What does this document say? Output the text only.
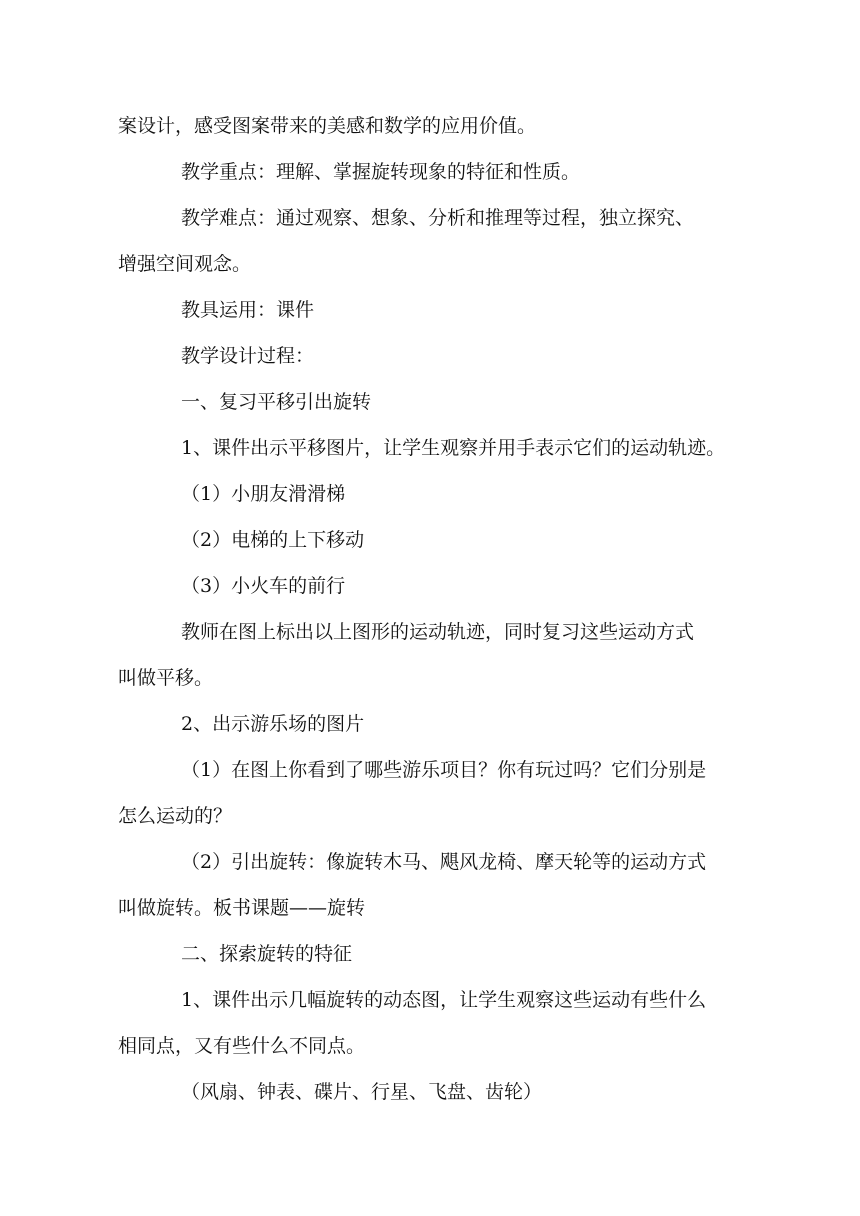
案设计，感受图案带来的美感和数学的应用价值。
教学重点：理解、掌握旋转现象的特征和性质。
教学难点：通过观察、想象、分析和推理等过程，独立探究、
增强空间观念。
教具运用：课件
教学设计过程：
一、复习平移引出旋转
1、课件出示平移图片，让学生观察并用手表示它们的运动轨迹。
（1）小朋友滑滑梯
（2）电梯的上下移动
（3）小火车的前行
教师在图上标出以上图形的运动轨迹，同时复习这些运动方式
叫做平移。
2、出示游乐场的图片
（1）在图上你看到了哪些游乐项目？你有玩过吗？它们分别是
怎么运动的？
（2）引出旋转：像旋转木马、飓风龙椅、摩天轮等的运动方式
叫做旋转。板书课题——旋转
二、探索旋转的特征
1、课件出示几幅旋转的动态图，让学生观察这些运动有些什么
相同点，又有些什么不同点。
（风扇、钟表、碟片、行星、飞盘、齿轮）
